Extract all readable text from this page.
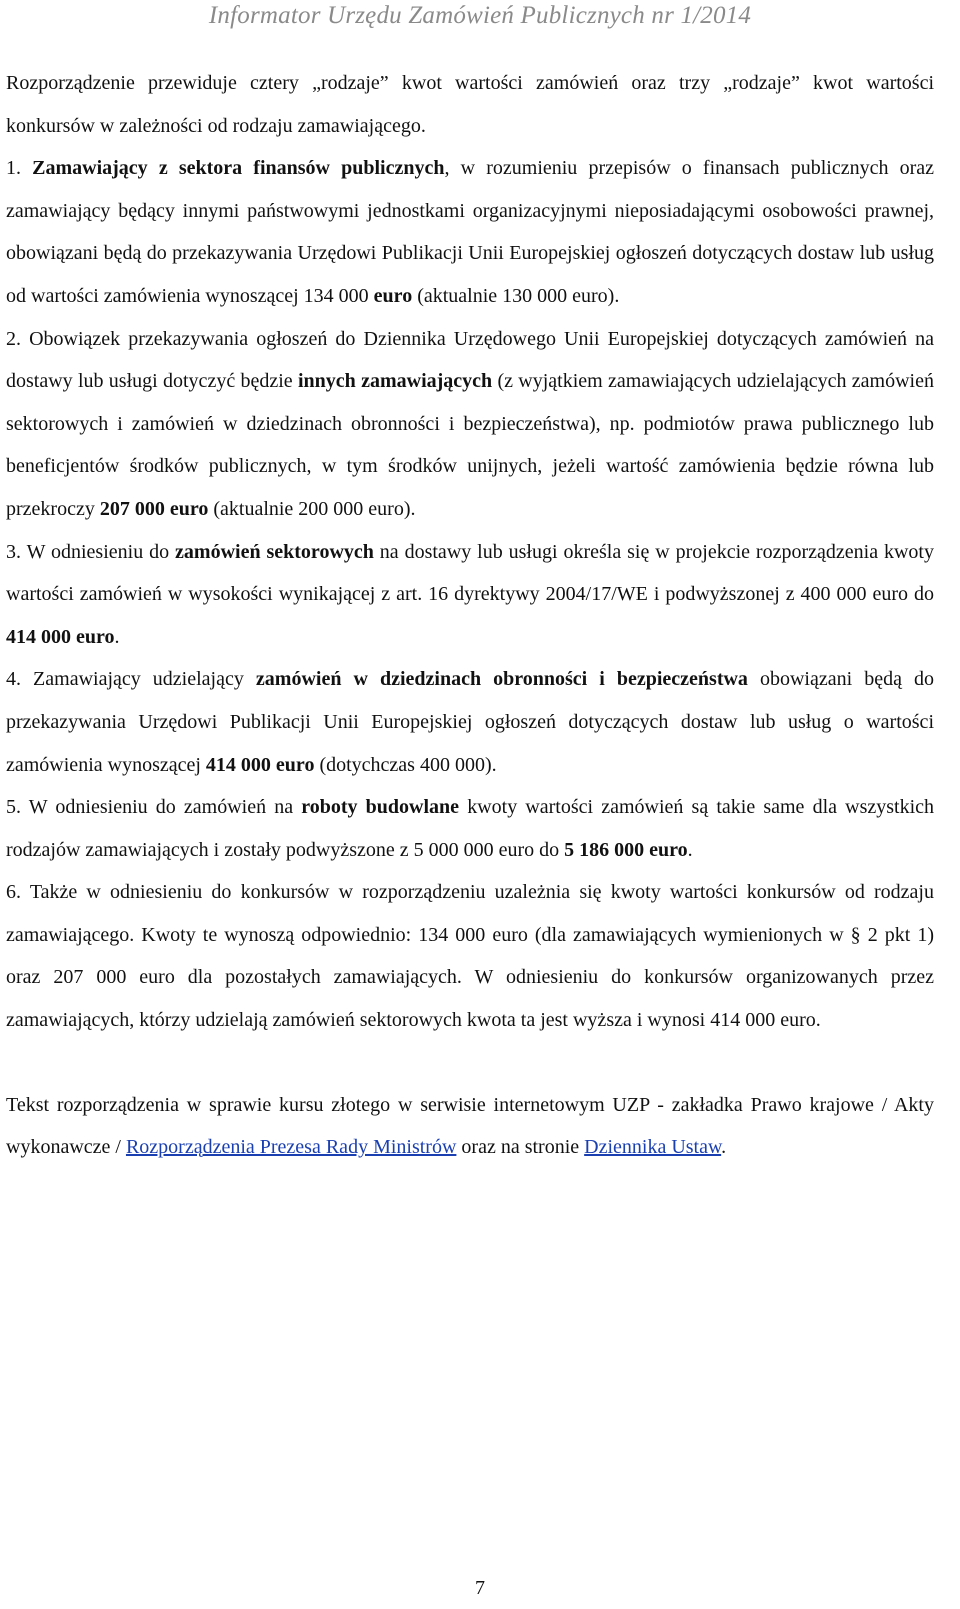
Informator Urzędu Zamówień Publicznych nr 1/2014

Rozporządzenie przewiduje cztery „rodzaje” kwot wartości zamówień oraz trzy „rodzaje” kwot wartości konkursów w zależności od rodzaju zamawiającego.

1. Zamawiający z sektora finansów publicznych, w rozumieniu przepisów o finansach publicznych oraz zamawiający będący innymi państwowymi jednostkami organizacyjnymi nieposiadającymi osobowości prawnej, obowiązani będą do przekazywania Urzędowi Publikacji Unii Europejskiej ogłoszeń dotyczących dostaw lub usług od wartości zamówienia wynoszącej 134 000 euro (aktualnie 130 000 euro).

2. Obowiązek przekazywania ogłoszeń do Dziennika Urzędowego Unii Europejskiej dotyczących zamówień na dostawy lub usługi dotyczyć będzie innych zamawiających (z wyjątkiem zamawiających udzielających zamówień sektorowych i zamówień w dziedzinach obronności i bezpieczeństwa), np. podmiotów prawa publicznego lub beneficjentów środków publicznych, w tym środków unijnych, jeżeli wartość zamówienia będzie równa lub przekroczy 207 000 euro (aktualnie 200 000 euro).

3. W odniesieniu do zamówień sektorowych na dostawy lub usługi określa się w projekcie rozporządzenia kwoty wartości zamówień w wysokości wynikającej z art. 16 dyrektywy 2004/17/WE i podwyższonej z 400 000 euro do 414 000 euro.

4. Zamawiający udzielający zamówień w dziedzinach obronności i bezpieczeństwa obowiązani będą do przekazywania Urzędowi Publikacji Unii Europejskiej ogłoszeń dotyczących dostaw lub usług o wartości zamówienia wynoszącej 414 000 euro (dotychczas 400 000).

5. W odniesieniu do zamówień na roboty budowlane kwoty wartości zamówień są takie same dla wszystkich rodzajów zamawiających i zostały podwyższone z 5 000 000 euro do 5 186 000 euro.

6. Także w odniesieniu do konkursów w rozporządzeniu uzależnia się kwoty wartości konkursów od rodzaju zamawiającego. Kwoty te wynoszą odpowiednio: 134 000 euro (dla zamawiających wymienionych w § 2 pkt 1) oraz 207 000 euro dla pozostałych zamawiających. W odniesieniu do konkursów organizowanych przez zamawiających, którzy udzielają zamówień sektorowych kwota ta jest wyższa i wynosi 414 000 euro.

Tekst rozporządzenia w sprawie kursu złotego w serwisie internetowym UZP - zakładka Prawo krajowe / Akty wykonawcze / Rozporządzenia Prezesa Rady Ministrów oraz na stronie Dziennika Ustaw.

7
